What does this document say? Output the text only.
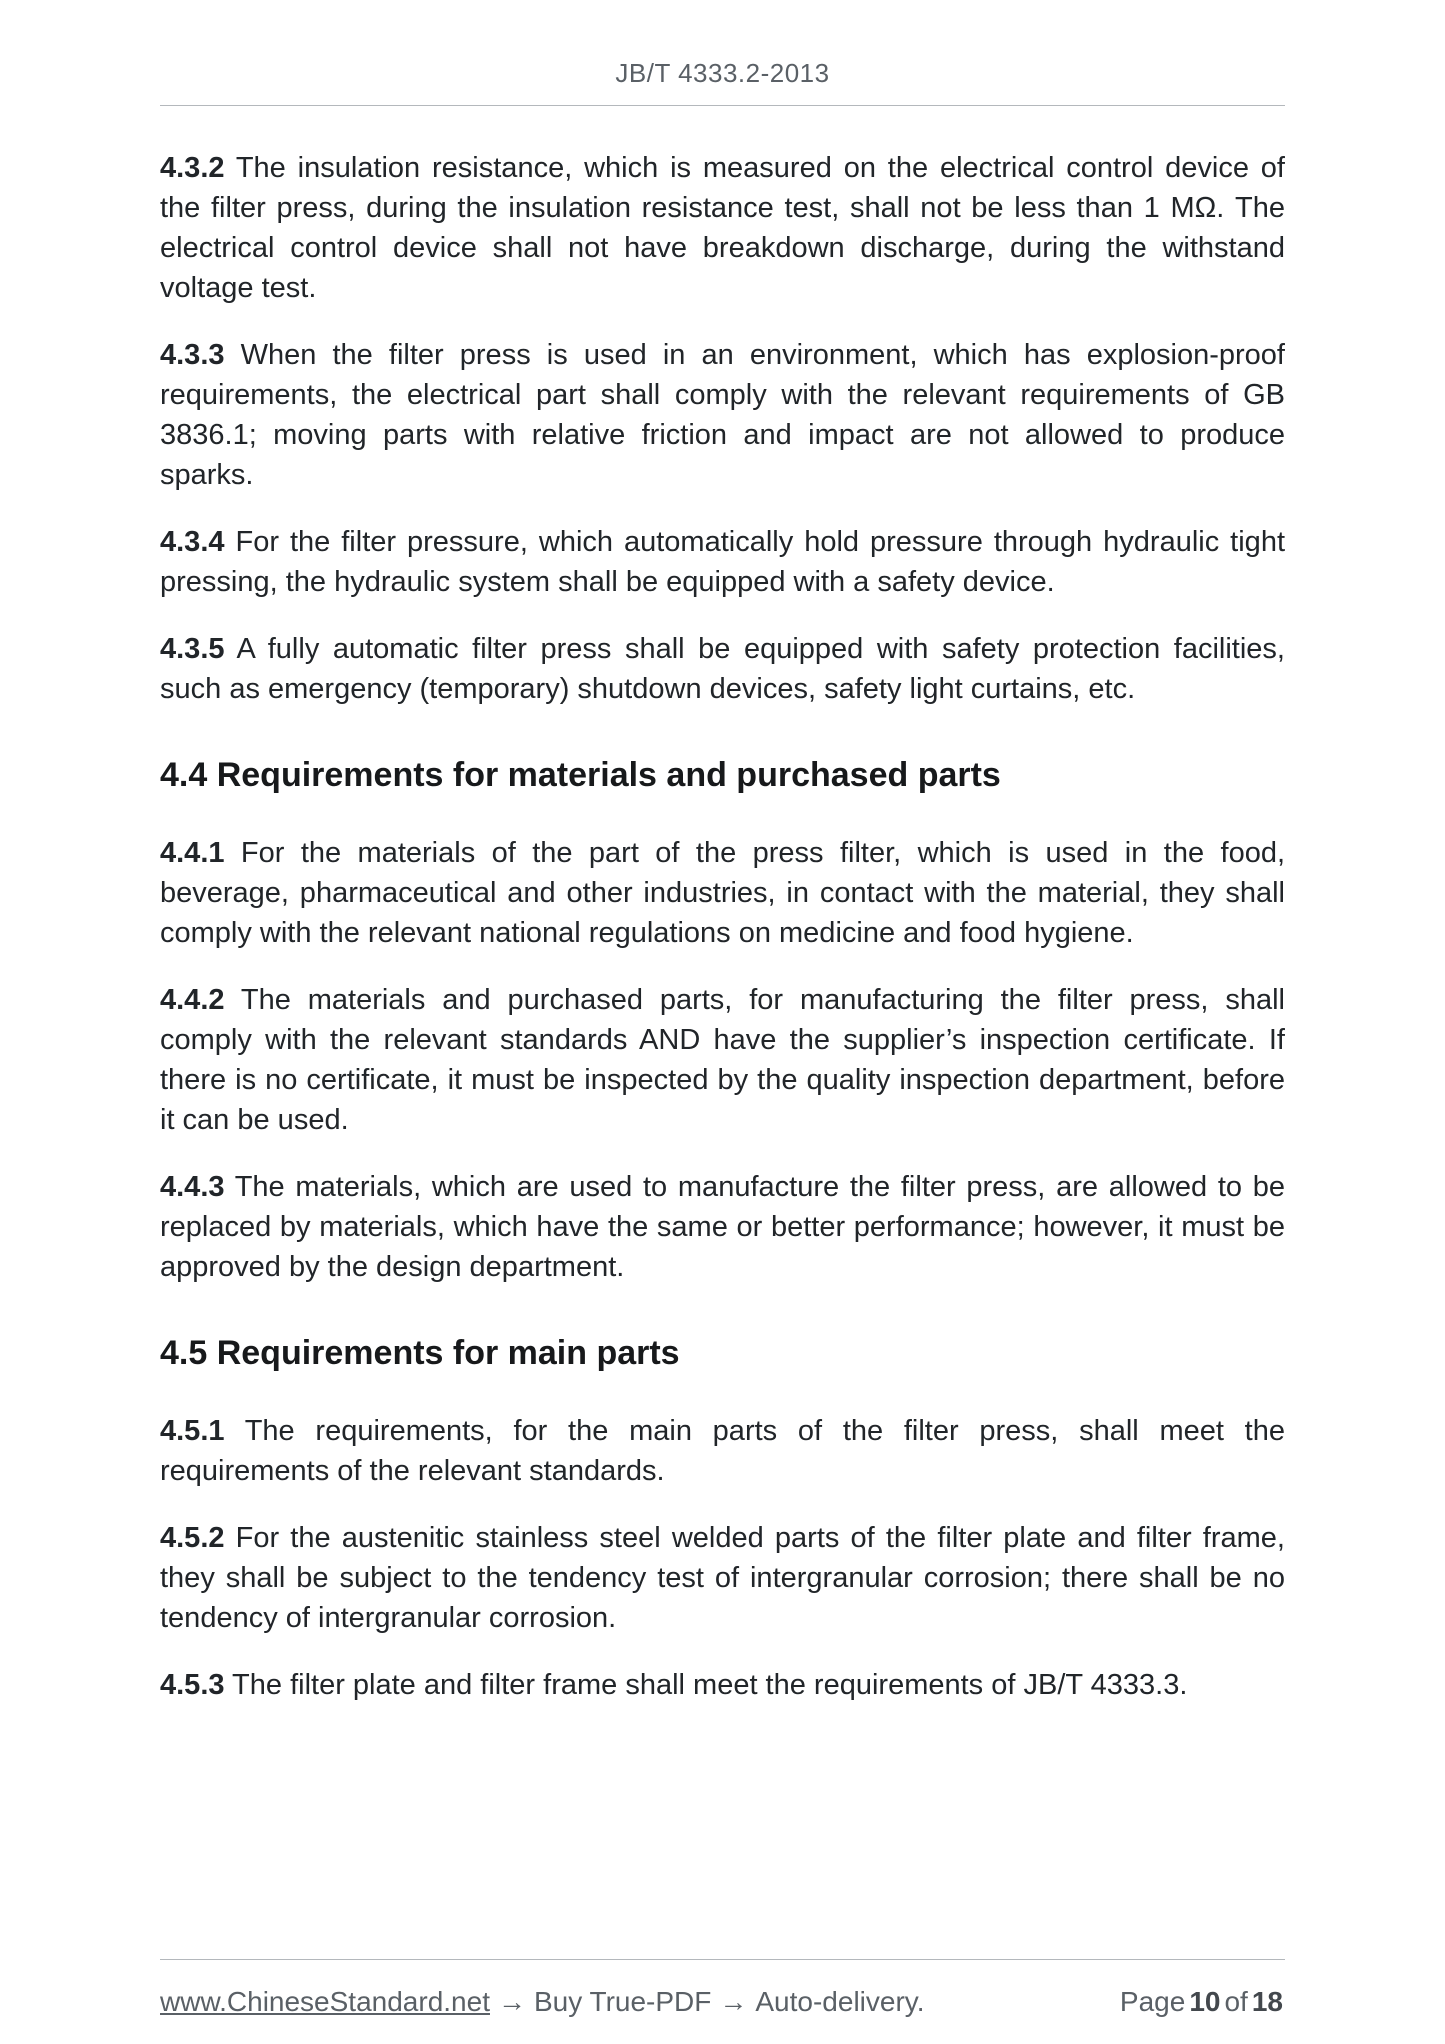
JB/T 4333.2-2013

4.3.2 The insulation resistance, which is measured on the electrical control device of the filter press, during the insulation resistance test, shall not be less than 1 MΩ. The electrical control device shall not have breakdown discharge, during the withstand voltage test.

4.3.3 When the filter press is used in an environment, which has explosion-proof requirements, the electrical part shall comply with the relevant requirements of GB 3836.1; moving parts with relative friction and impact are not allowed to produce sparks.

4.3.4 For the filter pressure, which automatically hold pressure through hydraulic tight pressing, the hydraulic system shall be equipped with a safety device.

4.3.5 A fully automatic filter press shall be equipped with safety protection facilities, such as emergency (temporary) shutdown devices, safety light curtains, etc.

4.4 Requirements for materials and purchased parts

4.4.1 For the materials of the part of the press filter, which is used in the food, beverage, pharmaceutical and other industries, in contact with the material, they shall comply with the relevant national regulations on medicine and food hygiene.

4.4.2 The materials and purchased parts, for manufacturing the filter press, shall comply with the relevant standards AND have the supplier’s inspection certificate. If there is no certificate, it must be inspected by the quality inspection department, before it can be used.

4.4.3 The materials, which are used to manufacture the filter press, are allowed to be replaced by materials, which have the same or better performance; however, it must be approved by the design department.

4.5 Requirements for main parts

4.5.1 The requirements, for the main parts of the filter press, shall meet the requirements of the relevant standards.

4.5.2 For the austenitic stainless steel welded parts of the filter plate and filter frame, they shall be subject to the tendency test of intergranular corrosion; there shall be no tendency of intergranular corrosion.

4.5.3 The filter plate and filter frame shall meet the requirements of JB/T 4333.3.

www.ChineseStandard.net → Buy True-PDF → Auto-delivery.	Page 10 of 18
